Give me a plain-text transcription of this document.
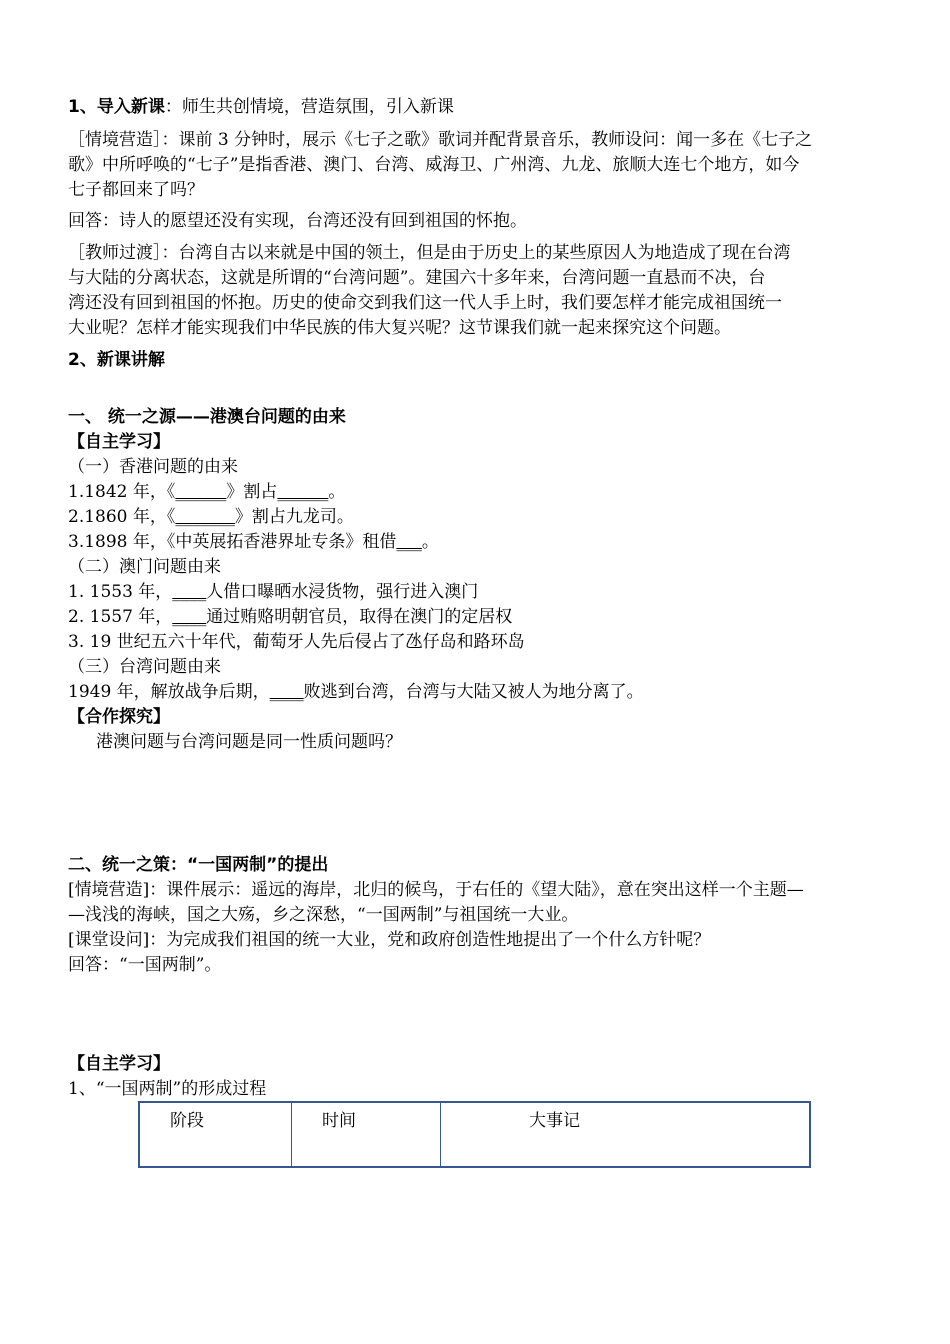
1、导入新课：师生共创情境，营造氛围，引入新课
［情境营造］：课前 3 分钟时，展示《七子之歌》歌词并配背景音乐，教师设问：闻一多在《七子之
歌》中所呼唤的“七子”是指香港、澳门、台湾、威海卫、广州湾、九龙、旅顺大连七个地方，如今
七子都回来了吗？
回答：诗人的愿望还没有实现，台湾还没有回到祖国的怀抱。
［教师过渡］：台湾自古以来就是中国的领土，但是由于历史上的某些原因人为地造成了现在台湾
与大陆的分离状态，这就是所谓的“台湾问题”。建国六十多年来，台湾问题一直悬而不决，台
湾还没有回到祖国的怀抱。历史的使命交到我们这一代人手上时，我们要怎样才能完成祖国统一
大业呢？怎样才能实现我们中华民族的伟大复兴呢？这节课我们就一起来探究这个问题。
2、新课讲解
一、 统一之源——港澳台问题的由来
【自主学习】
（一）香港问题的由来
1.1842 年，《______》割占______。
2.1860 年，《_______》割占九龙司。
3.1898 年，《中英展拓香港界址专条》租借___。
（二）澳门问题由来
1. 1553 年，____人借口曝晒水浸货物，强行进入澳门
2. 1557 年，____通过贿赂明朝官员，取得在澳门的定居权
3. 19 世纪五六十年代，葡萄牙人先后侵占了氹仔岛和路环岛
（三）台湾问题由来
1949 年，解放战争后期，____败逃到台湾，台湾与大陆又被人为地分离了。
【合作探究】
港澳问题与台湾问题是同一性质问题吗？
二、统一之策：“一国两制”的提出
[情境营造]：课件展示：遥远的海岸，北归的候鸟，于右任的《望大陆》，意在突出这样一个主题—
—浅浅的海峡，国之大殇，乡之深愁，“一国两制”与祖国统一大业。
[课堂设问]：为完成我们祖国的统一大业，党和政府创造性地提出了一个什么方针呢？
回答：“一国两制”。
【自主学习】
1、“一国两制”的形成过程
阶段	时间	大事记
